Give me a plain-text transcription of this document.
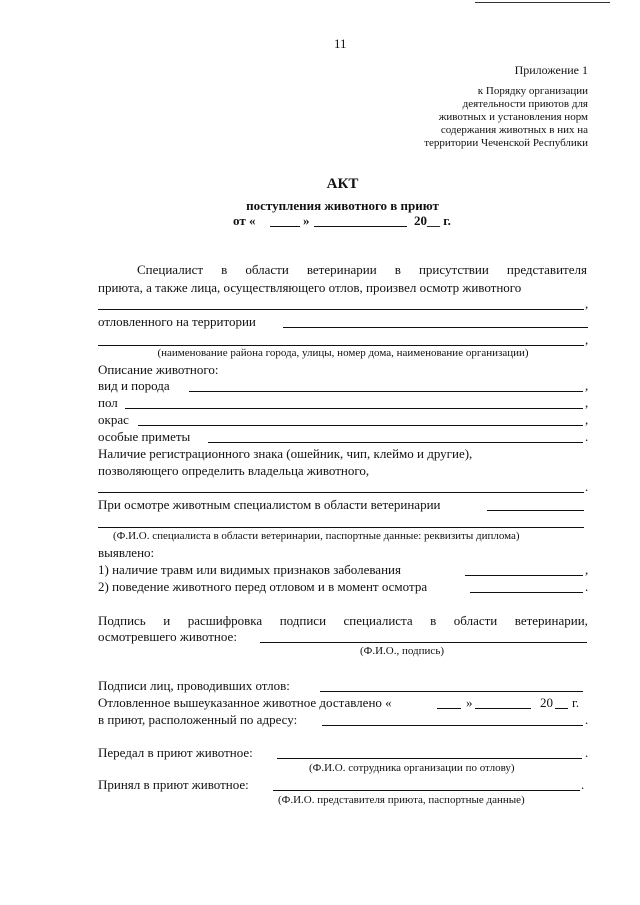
11
Приложение 1
к Порядку организации
деятельности приютов для
животных и установления норм
содержания животных в них на
территории Чеченской Республики
АКТ
поступления животного в приют
от «	»	20__ г.
Специалист в области ветеринарии в присутствии представителя
приюта, а также лица, осуществляющего отлов, произвел осмотр животного
,
отловленного на территории
,
(наименование района города, улицы, номер дома, наименование организации)
Описание животного:
вид и порода	,
пол	,
окрас	,
особые приметы	.
Наличие регистрационного знака (ошейник, чип, клеймо и другие),
позволяющего определить владельца животного,
.
При осмотре животным специалистом в области ветеринарии
(Ф.И.О. специалиста в области ветеринарии, паспортные данные: реквизиты диплома)
выявлено:
1) наличие травм или видимых признаков заболевания	,
2) поведение животного перед отловом и в момент осмотра	.
Подпись и расшифровка подписи специалиста в области ветеринарии,
осмотревшего животное:
(Ф.И.О., подпись)
Подписи лиц, проводивших отлов:
Отловленное вышеуказанное животное доставлено «	»	20 г.
в приют, расположенный по адресу:	.
Передал в приют животное:	.
(Ф.И.О. сотрудника организации по отлову)
Принял в приют животное:	.
(Ф.И.О. представителя приюта, паспортные данные)
